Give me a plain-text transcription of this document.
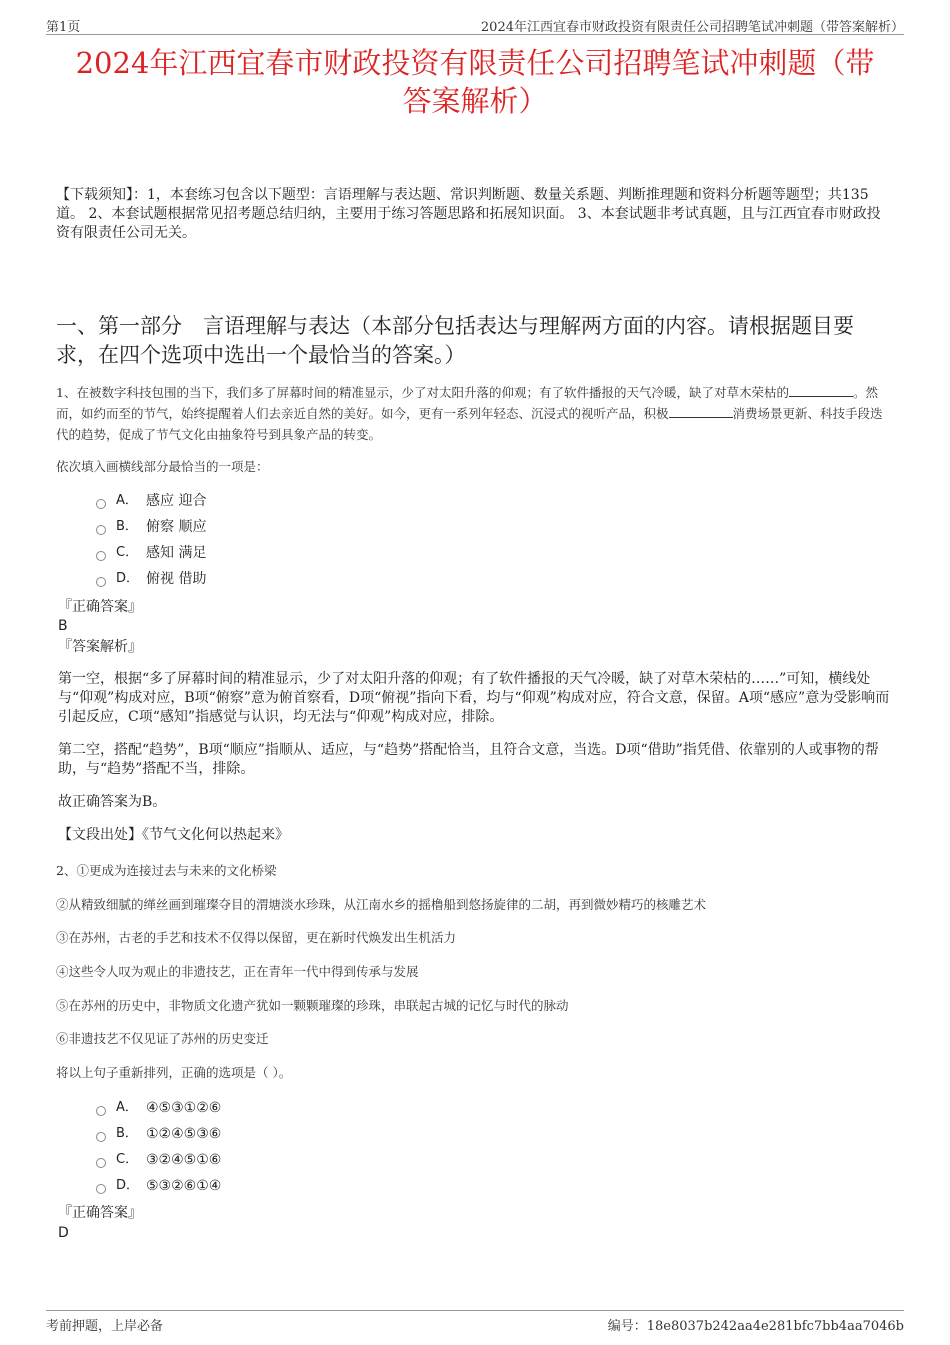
第1页	2024年江西宜春市财政投资有限责任公司招聘笔试冲刺题（带答案解析）
2024年江西宜春市财政投资有限责任公司招聘笔试冲刺题（带
答案解析）
【下载须知】：1，本套练习包含以下题型：言语理解与表达题、常识判断题、数量关系题、判断推理题和资料分析题等题型；共135道。 2、本套试题根据常见招考题总结归纳，主要用于练习答题思路和拓展知识面。 3、本套试题非考试真题，且与江西宜春市财政投资有限责任公司无关。
一、第一部分　言语理解与表达（本部分包括表达与理解两方面的内容。请根据题目要求，在四个选项中选出一个最恰当的答案。）
1、在被数字科技包围的当下，我们多了屏幕时间的精准显示，少了对太阳升落的仰观；有了软件播报的天气冷暖，缺了对草木荣枯的	。然而，如约而至的节气，始终提醒着人们去亲近自然的美好。如今，更有一系列年轻态、沉浸式的视听产品，积极	消费场景更新、科技手段迭代的趋势，促成了节气文化由抽象符号到具象产品的转变。
依次填入画横线部分最恰当的一项是：
A． 感应 迎合
B． 俯察 顺应
C． 感知 满足
D． 俯视 借助
『正确答案』
B
『答案解析』
第一空，根据“多了屏幕时间的精准显示，少了对太阳升落的仰观；有了软件播报的天气冷暖，缺了对草木荣枯的……”可知，横线处与“仰观”构成对应，B项“俯察”意为俯首察看，D项“俯视”指向下看，均与“仰观”构成对应，符合文意，保留。A项“感应”意为受影响而引起反应，C项“感知”指感觉与认识，均无法与“仰观”构成对应，排除。
第二空，搭配“趋势”，B项“顺应”指顺从、适应，与“趋势”搭配恰当，且符合文意，当选。D项“借助”指凭借、依靠别的人或事物的帮助，与“趋势”搭配不当，排除。
故正确答案为B。
【文段出处】《节气文化何以热起来》
2、①更成为连接过去与未来的文化桥梁
②从精致细腻的缂丝画到璀璨夺目的渭塘淡水珍珠，从江南水乡的摇橹船到悠扬旋律的二胡，再到微妙精巧的核雕艺术
③在苏州，古老的手艺和技术不仅得以保留，更在新时代焕发出生机活力
④这些令人叹为观止的非遗技艺，正在青年一代中得到传承与发展
⑤在苏州的历史中，非物质文化遗产犹如一颗颗璀璨的珍珠，串联起古城的记忆与时代的脉动
⑥非遗技艺不仅见证了苏州的历史变迁
将以上句子重新排列，正确的选项是（ ）。
A． ④⑤③①②⑥
B． ①②④⑤③⑥
C． ③②④⑤①⑥
D． ⑤③②⑥①④
『正确答案』
D
考前押题，上岸必备	编号：18e8037b242aa4e281bfc7bb4aa7046b
